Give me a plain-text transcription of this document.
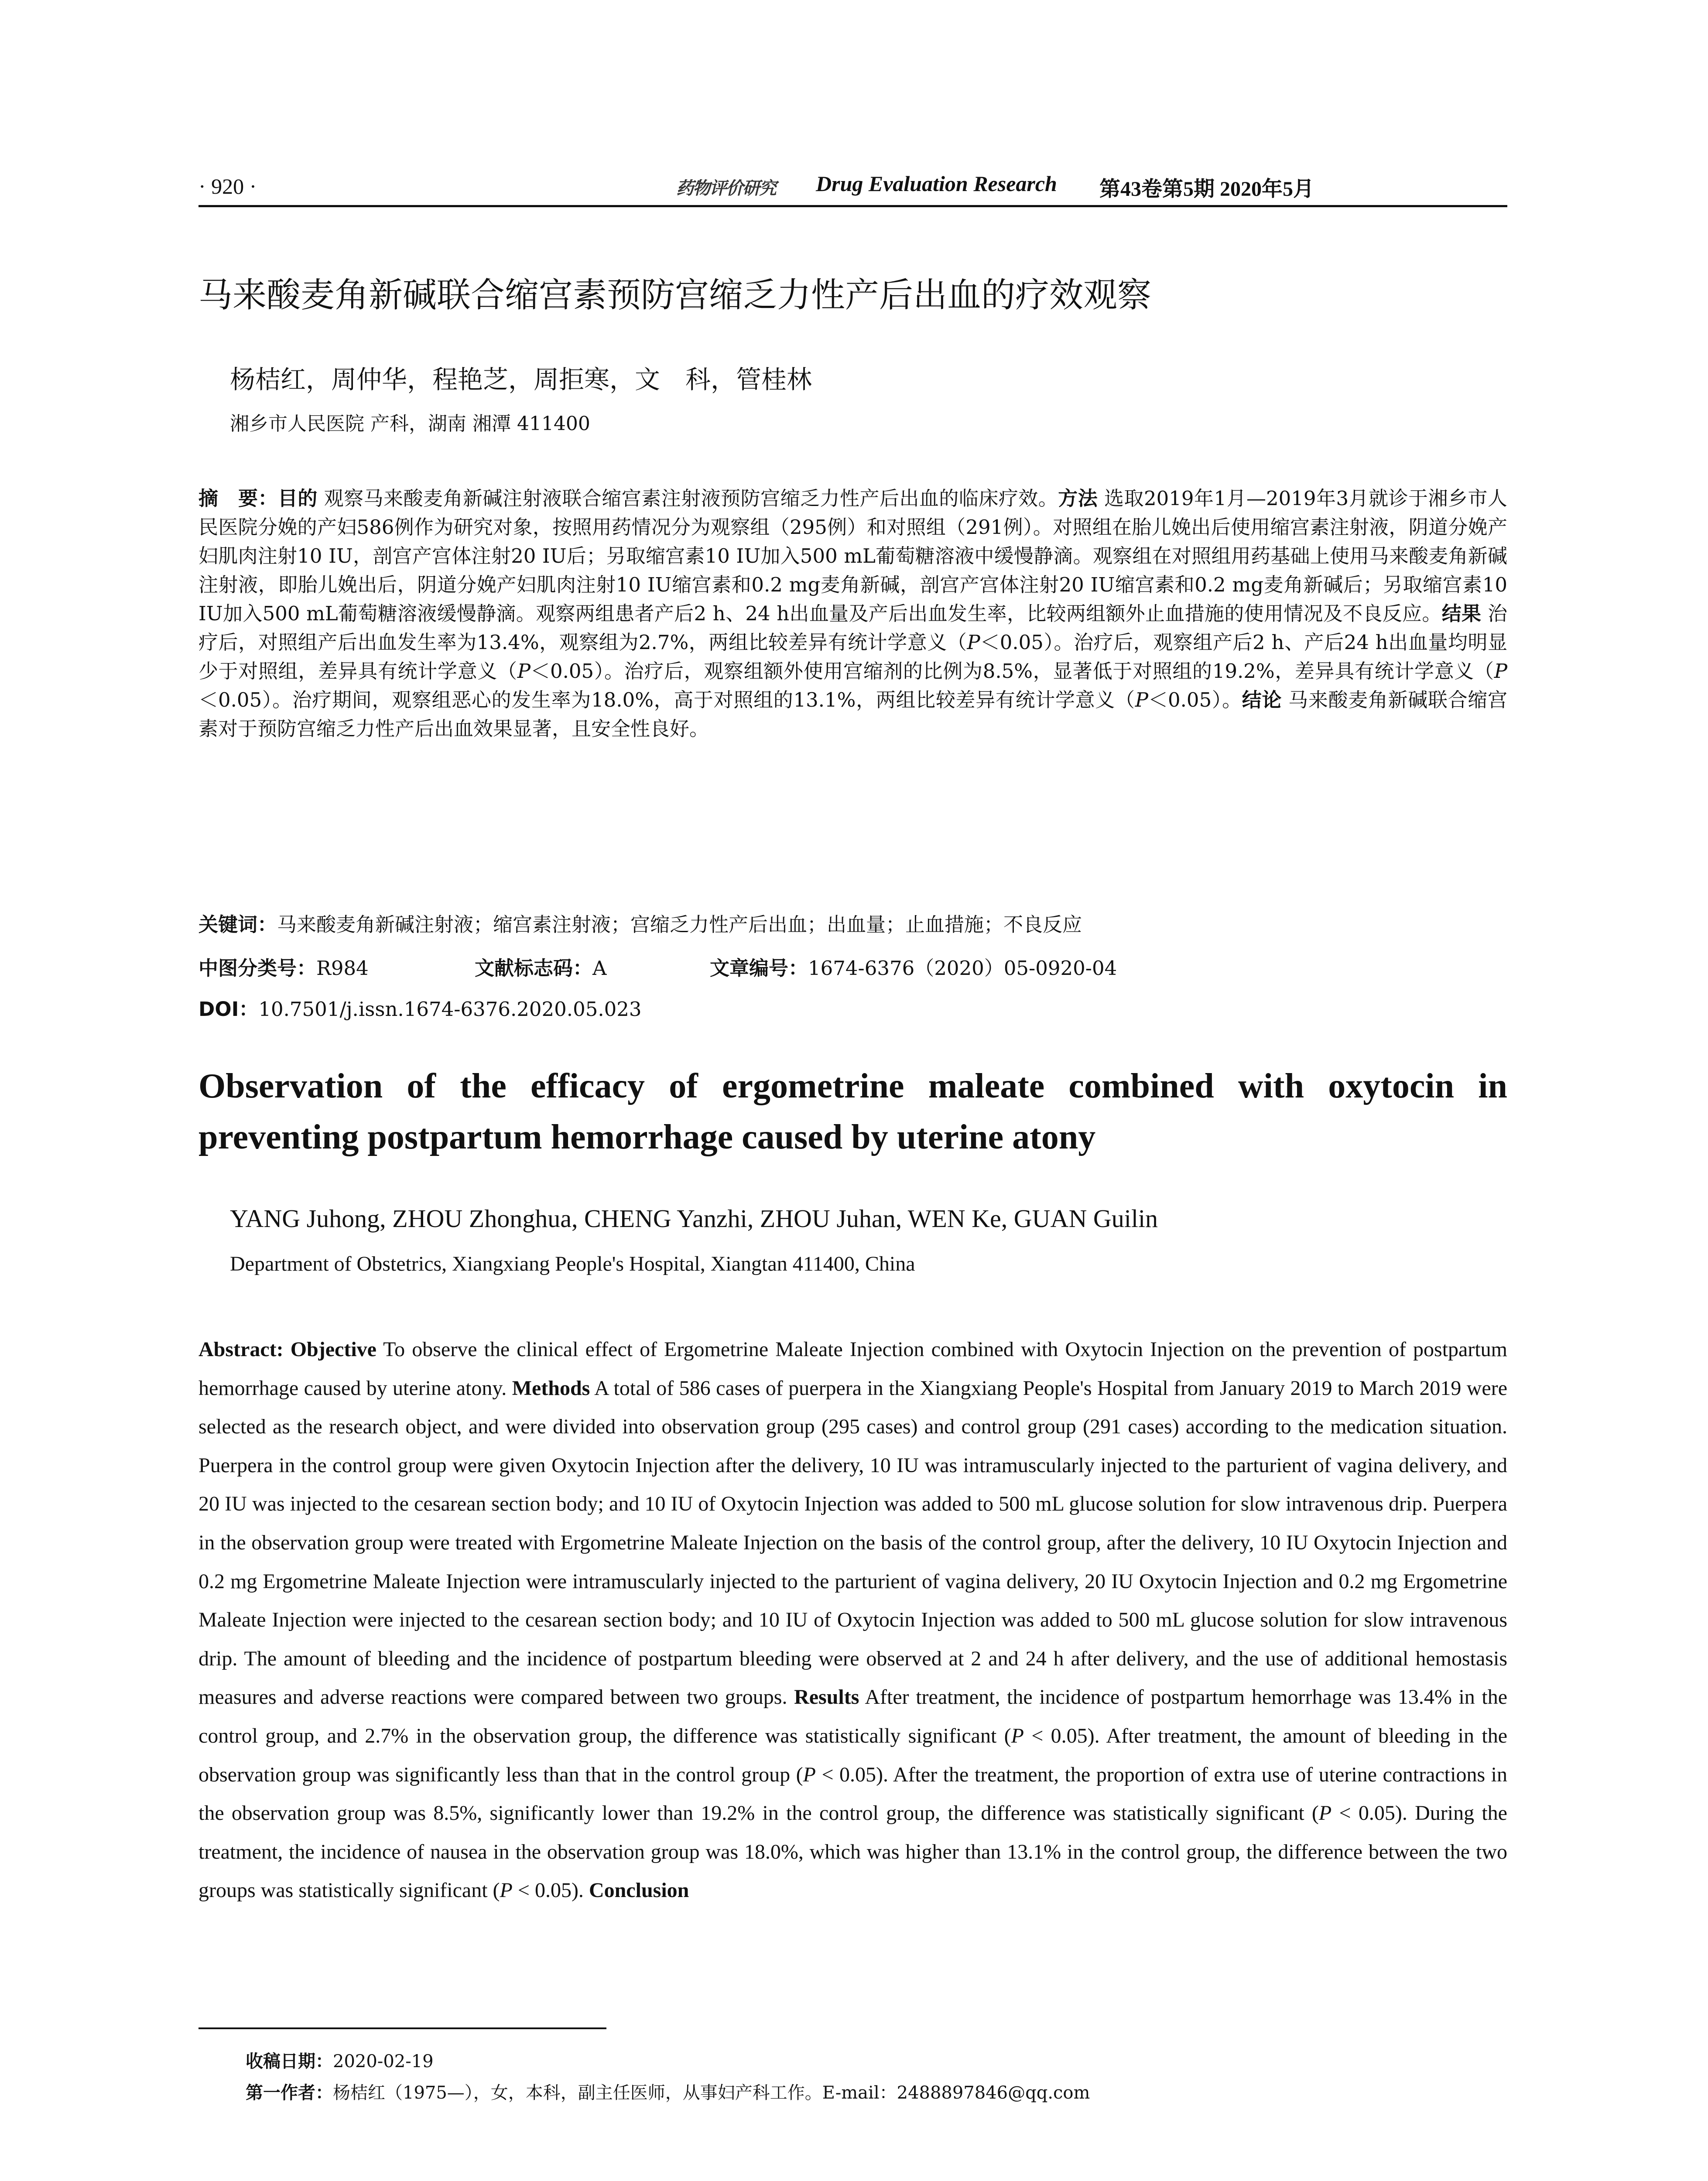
· 920 ·	药物评价研究 Drug Evaluation Research 第43卷第5期 2020年5月
马来酸麦角新碱联合缩宫素预防宫缩乏力性产后出血的疗效观察
杨桔红，周仲华，程艳芝，周拒寒，文　科，管桂林
湘乡市人民医院 产科，湖南 湘潭 411400
摘　要：目的 观察马来酸麦角新碱注射液联合缩宫素注射液预防宫缩乏力性产后出血的临床疗效。方法 选取2019年1月—2019年3月就诊于湘乡市人民医院分娩的产妇586例作为研究对象，按照用药情况分为观察组（295例）和对照组（291例）。对照组在胎儿娩出后使用缩宫素注射液，阴道分娩产妇肌肉注射10 IU，剖宫产宫体注射20 IU后；另取缩宫素10 IU加入500 mL葡萄糖溶液中缓慢静滴。观察组在对照组用药基础上使用马来酸麦角新碱注射液，即胎儿娩出后，阴道分娩产妇肌肉注射10 IU缩宫素和0.2 mg麦角新碱，剖宫产宫体注射20 IU缩宫素和0.2 mg麦角新碱后；另取缩宫素10 IU加入500 mL葡萄糖溶液缓慢静滴。观察两组患者产后2 h、24 h出血量及产后出血发生率，比较两组额外止血措施的使用情况及不良反应。结果 治疗后，对照组产后出血发生率为13.4%，观察组为2.7%，两组比较差异有统计学意义（P＜0.05）。治疗后，观察组产后2 h、产后24 h出血量均明显少于对照组，差异具有统计学意义（P＜0.05）。治疗后，观察组额外使用宫缩剂的比例为8.5%，显著低于对照组的19.2%，差异具有统计学意义（P＜0.05）。治疗期间，观察组恶心的发生率为18.0%，高于对照组的13.1%，两组比较差异有统计学意义（P＜0.05）。结论 马来酸麦角新碱联合缩宫素对于预防宫缩乏力性产后出血效果显著，且安全性良好。
关键词：马来酸麦角新碱注射液；缩宫素注射液；宫缩乏力性产后出血；出血量；止血措施；不良反应
中图分类号：R984	文献标志码：A	文章编号：1674-6376（2020）05-0920-04
DOI：10.7501/j.issn.1674-6376.2020.05.023
Observation of the efficacy of ergometrine maleate combined with oxytocin in preventing postpartum hemorrhage caused by uterine atony
YANG Juhong, ZHOU Zhonghua, CHENG Yanzhi, ZHOU Juhan, WEN Ke, GUAN Guilin
Department of Obstetrics, Xiangxiang People's Hospital, Xiangtan 411400, China
Abstract: Objective To observe the clinical effect of Ergometrine Maleate Injection combined with Oxytocin Injection on the prevention of postpartum hemorrhage caused by uterine atony. Methods A total of 586 cases of puerpera in the Xiangxiang People's Hospital from January 2019 to March 2019 were selected as the research object, and were divided into observation group (295 cases) and control group (291 cases) according to the medication situation. Puerpera in the control group were given Oxytocin Injection after the delivery, 10 IU was intramuscularly injected to the parturient of vagina delivery, and 20 IU was injected to the cesarean section body; and 10 IU of Oxytocin Injection was added to 500 mL glucose solution for slow intravenous drip. Puerpera in the observation group were treated with Ergometrine Maleate Injection on the basis of the control group, after the delivery, 10 IU Oxytocin Injection and 0.2 mg Ergometrine Maleate Injection were intramuscularly injected to the parturient of vagina delivery, 20 IU Oxytocin Injection and 0.2 mg Ergometrine Maleate Injection were injected to the cesarean section body; and 10 IU of Oxytocin Injection was added to 500 mL glucose solution for slow intravenous drip. The amount of bleeding and the incidence of postpartum bleeding were observed at 2 and 24 h after delivery, and the use of additional hemostasis measures and adverse reactions were compared between two groups. Results After treatment, the incidence of postpartum hemorrhage was 13.4% in the control group, and 2.7% in the observation group, the difference was statistically significant (P < 0.05). After treatment, the amount of bleeding in the observation group was significantly less than that in the control group (P < 0.05). After the treatment, the proportion of extra use of uterine contractions in the observation group was 8.5%, significantly lower than 19.2% in the control group, the difference was statistically significant (P < 0.05). During the treatment, the incidence of nausea in the observation group was 18.0%, which was higher than 13.1% in the control group, the difference between the two groups was statistically significant (P < 0.05). Conclusion
收稿日期：2020-02-19
第一作者：杨桔红（1975—），女，本科，副主任医师，从事妇产科工作。E-mail：2488897846@qq.com
